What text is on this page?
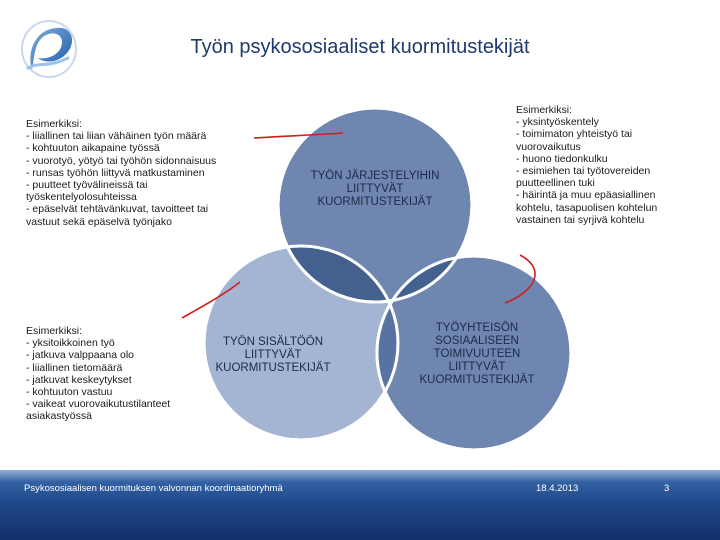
Työn psykososiaaliset kuormitustekijät
TYÖN JÄRJESTELYIHIN
LIITTYVÄT
KUORMITUSTEKIJÄT
TYÖN SISÄLTÖÖN
LIITTYVÄT
KUORMITUSTEKIJÄT
TYÖYHTEISÖN
SOSIAALISEEN
TOIMIVUUTEEN
LIITTYVÄT
KUORMITUSTEKIJÄT
Esimerkiksi:
- liiallinen tai liian vähäinen työn määrä
- kohtuuton aikapaine työssä
- vuorotyö, yötyö tai työhön sidonnaisuus
- runsas työhön liittyvä matkustaminen
- puutteet työvälineissä tai
työskentelyolosuhteissa
- epäselvät tehtävänkuvat, tavoitteet tai
vastuut sekä epäselvä työnjako
Esimerkiksi:
- yksitoikkoinen työ
- jatkuva valppaana olo
- liiallinen tietomäärä
- jatkuvat keskeytykset
- kohtuuton vastuu
- vaikeat vuorovaikutustilanteet
asiakastyössä
Esimerkiksi:
- yksintyöskentely
- toimimaton yhteistyö tai
vuorovaikutus
- huono tiedonkulku
- esimiehen tai työtovereiden
puutteellinen tuki
- häirintä ja muu epäasiallinen
kohtelu, tasapuolisen kohtelun
vastainen tai syrjivä kohtelu
Psykososiaalisen kuormituksen valvonnan koordinaatioryhmä	18.4.2013	3
